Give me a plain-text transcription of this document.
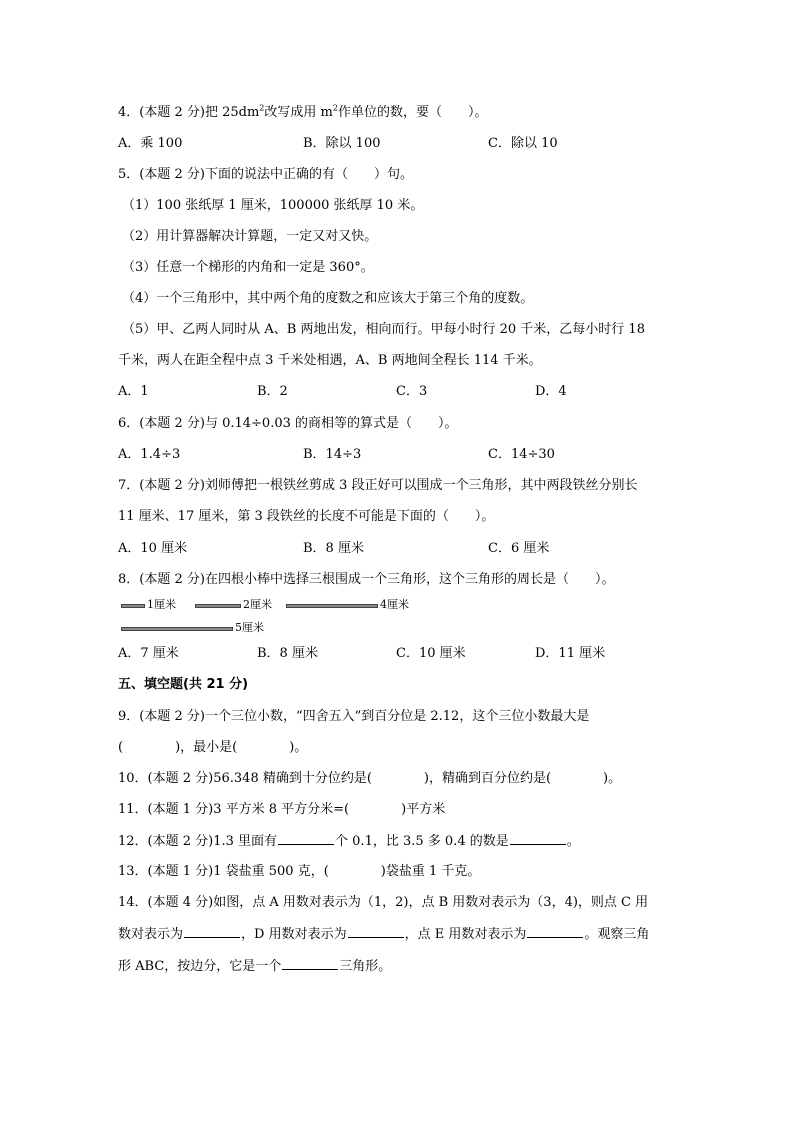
4．(本题 2 分)把 $25dm^2$改写成用 $m^2$作单位的数，要（　　）。
A．乘 100	B．除以 100	C．除以 10
5．(本题 2 分)下面的说法中正确的有（　　）句。
（1）100 张纸厚 1 厘米，100000 张纸厚 10 米。
（2）用计算器解决计算题，一定又对又快。
（3）任意一个梯形的内角和一定是 360°。
（4）一个三角形中，其中两个角的度数之和应该大于第三个角的度数。
（5）甲、乙两人同时从 A、B 两地出发，相向而行。甲每小时行 20 千米，乙每小时行 18
千米，两人在距全程中点 3 千米处相遇，A、B 两地间全程长 114 千米。
A．1	B．2	C．3	D．4
6．(本题 2 分)与 0.14÷0.03 的商相等的算式是（　　）。
A．1.4÷3	B．14÷3	C．14÷30
7．(本题 2 分)刘师傅把一根铁丝剪成 3 段正好可以围成一个三角形，其中两段铁丝分别长
11 厘米、17 厘米，第 3 段铁丝的长度不可能是下面的（　　）。
A．10 厘米	B．8 厘米	C．6 厘米
8．(本题 2 分)在四根小棒中选择三根围成一个三角形，这个三角形的周长是（　　）。
1厘米	2厘米	4厘米
5厘米
A．7 厘米	B．8 厘米	C．10 厘米	D．11 厘米
五、填空题(共 21 分)
9．(本题 2 分)一个三位小数，“四舍五入”到百分位是 2.12，这个三位小数最大是
(　　　　)，最小是(　　　　)。
10．(本题 2 分)56.348 精确到十分位约是(　　　　)，精确到百分位约是(　　　　)。
11．(本题 1 分)3 平方米 8 平方分米=(　　　　)平方米
12．(本题 2 分)1.3 里面有	个 0.1，比 3.5 多 0.4 的数是	。
13．(本题 1 分)1 袋盐重 500 克，(　　　　)袋盐重 1 千克。
14．(本题 4 分)如图，点 A 用数对表示为（1，2)，点 B 用数对表示为（3，4)，则点 C 用
数对表示为	，D 用数对表示为	，点 E 用数对表示为	。观察三角
形 ABC，按边分，它是一个	三角形。
